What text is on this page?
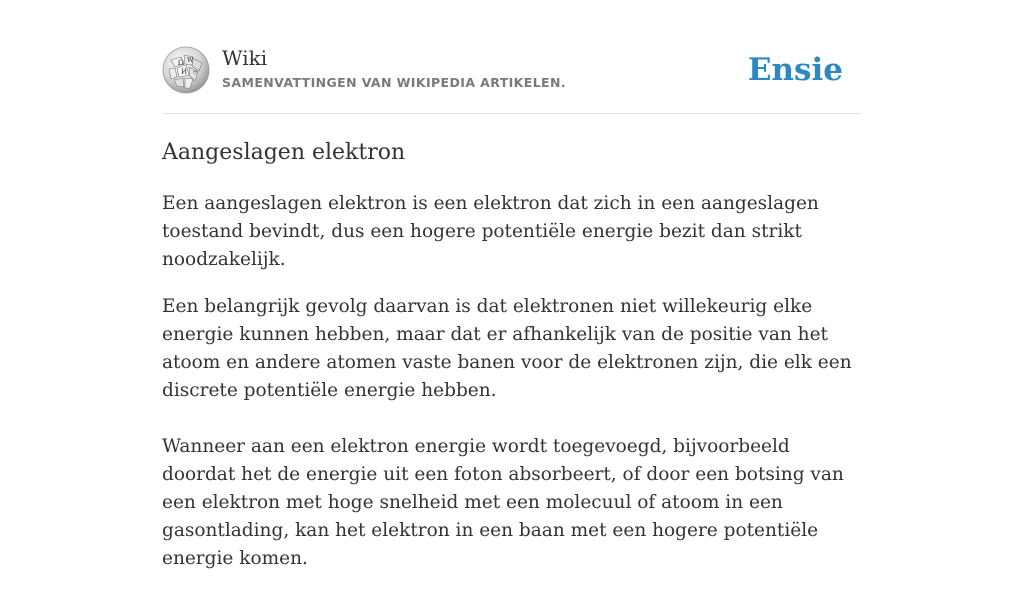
Ω W
И ウ
Wiki
SAMENVATTINGEN VAN WIKIPEDIA ARTIKELEN.	Ensie
Aangeslagen elektron

Een aangeslagen elektron is een elektron dat zich in een aangeslagen toestand bevindt, dus een hogere potentiële energie bezit dan strikt noodzakelijk.

Een belangrijk gevolg daarvan is dat elektronen niet willekeurig elke energie kunnen hebben, maar dat er afhankelijk van de positie van het atoom en andere atomen vaste banen voor de elektronen zijn, die elk een discrete potentiële energie hebben.

Wanneer aan een elektron energie wordt toegevoegd, bijvoorbeeld doordat het de energie uit een foton absorbeert, of door een botsing van een elektron met hoge snelheid met een molecuul of atoom in een gasontlading, kan het elektron in een baan met een hogere potentiële energie komen.
